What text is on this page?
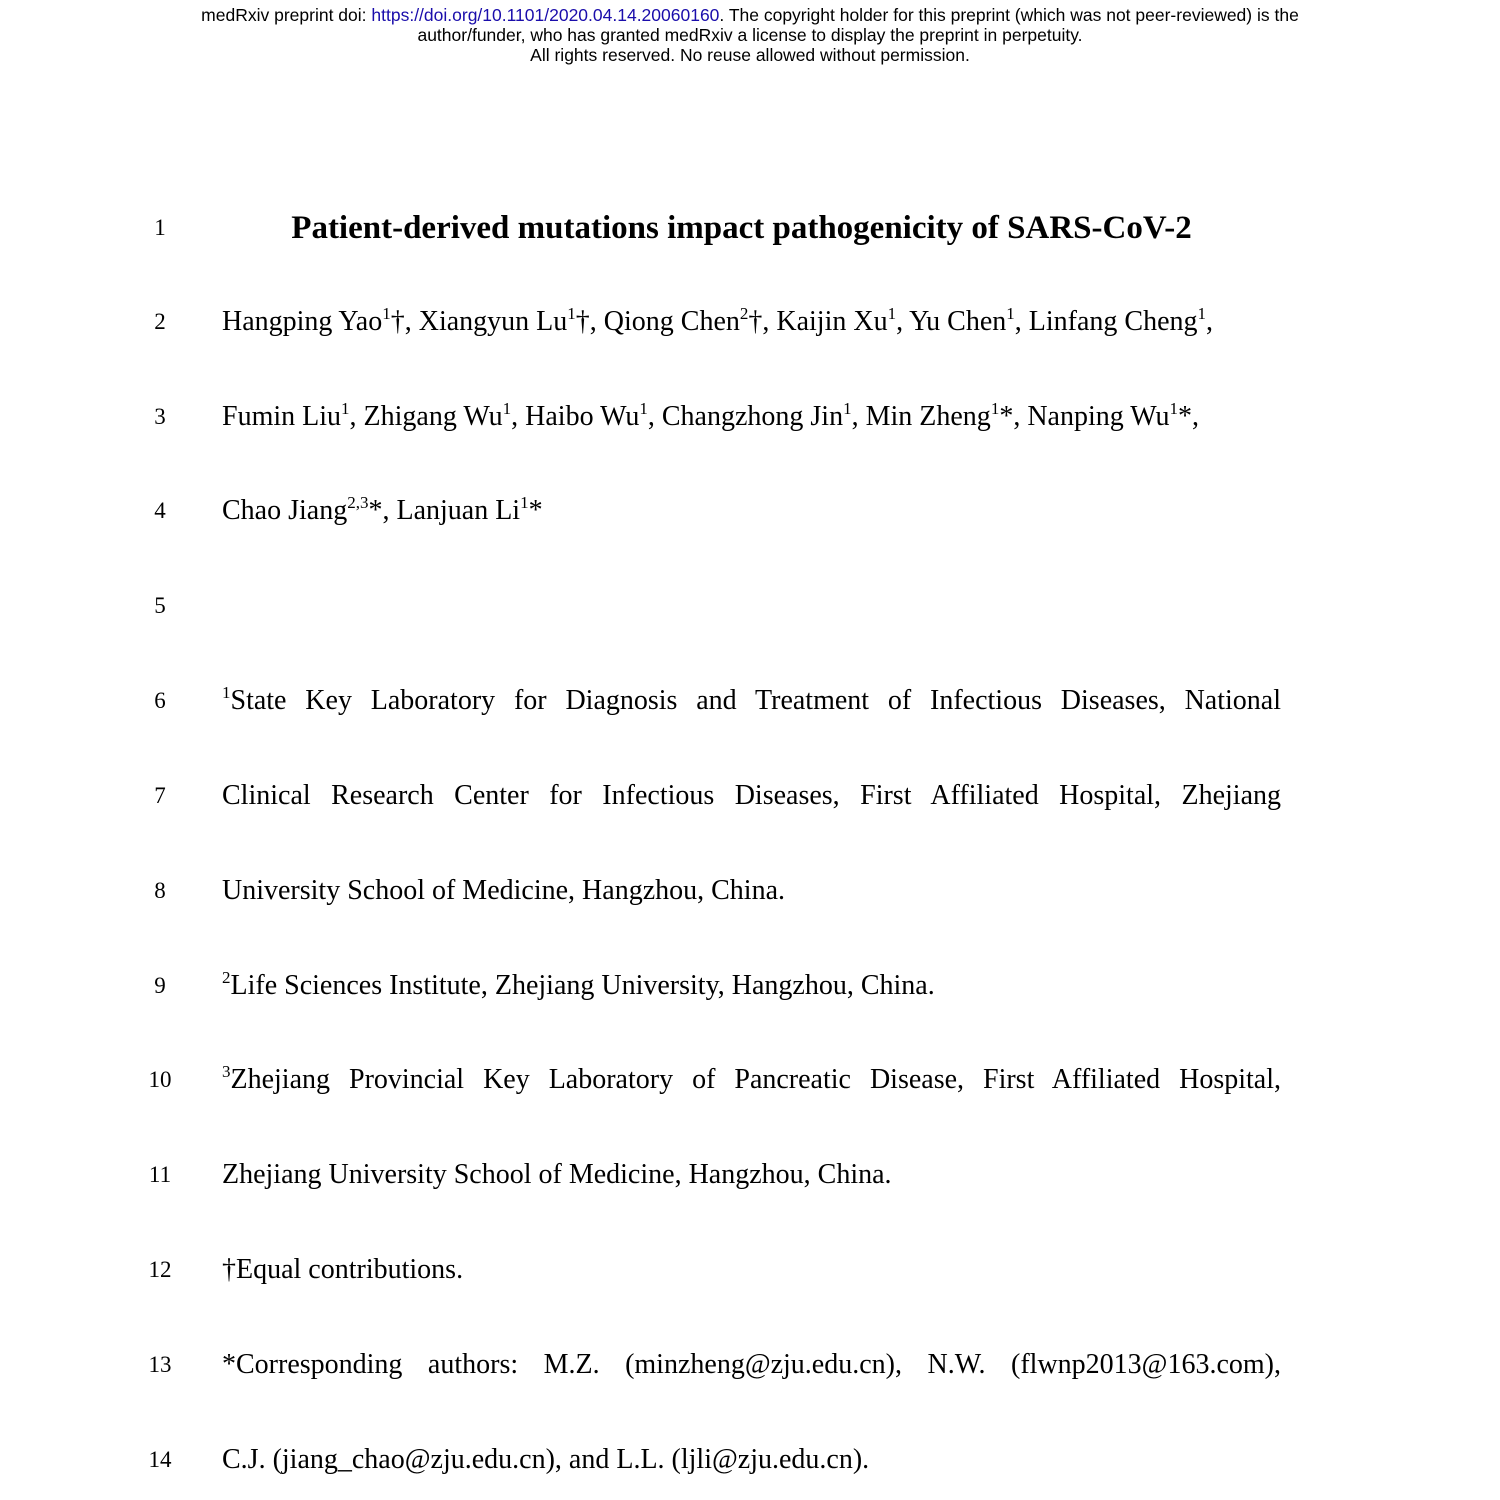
medRxiv preprint doi: https://doi.org/10.1101/2020.04.14.20060160. The copyright holder for this preprint (which was not peer-reviewed) is the
author/funder, who has granted medRxiv a license to display the preprint in perpetuity.
All rights reserved. No reuse allowed without permission.
1	Patient-derived mutations impact pathogenicity of SARS-CoV-2
2	Hangping Yao$^1$†, Xiangyun Lu$^1$†, Qiong Chen$^2$†, Kaijin Xu$^1$, Yu Chen$^1$, Linfang Cheng$^1$,
3	Fumin Liu$^1$, Zhigang Wu$^1$, Haibo Wu$^1$, Changzhong Jin$^1$, Min Zheng$^1$*, Nanping Wu$^1$*,
4	Chao Jiang$^{2,3}$*, Lanjuan Li$^1$*
5
6	$^1$State Key Laboratory for Diagnosis and Treatment of Infectious Diseases, National
7	Clinical Research Center for Infectious Diseases, First Affiliated Hospital, Zhejiang
8	University School of Medicine, Hangzhou, China.
9	$^2$Life Sciences Institute, Zhejiang University, Hangzhou, China.
10	$^3$Zhejiang Provincial Key Laboratory of Pancreatic Disease, First Affiliated Hospital,
11	Zhejiang University School of Medicine, Hangzhou, China.
12	†Equal contributions.
13	*Corresponding authors: M.Z. (minzheng@zju.edu.cn), N.W. (flwnp2013@163.com),
14	C.J. (jiang_chao@zju.edu.cn), and L.L. (ljli@zju.edu.cn).
